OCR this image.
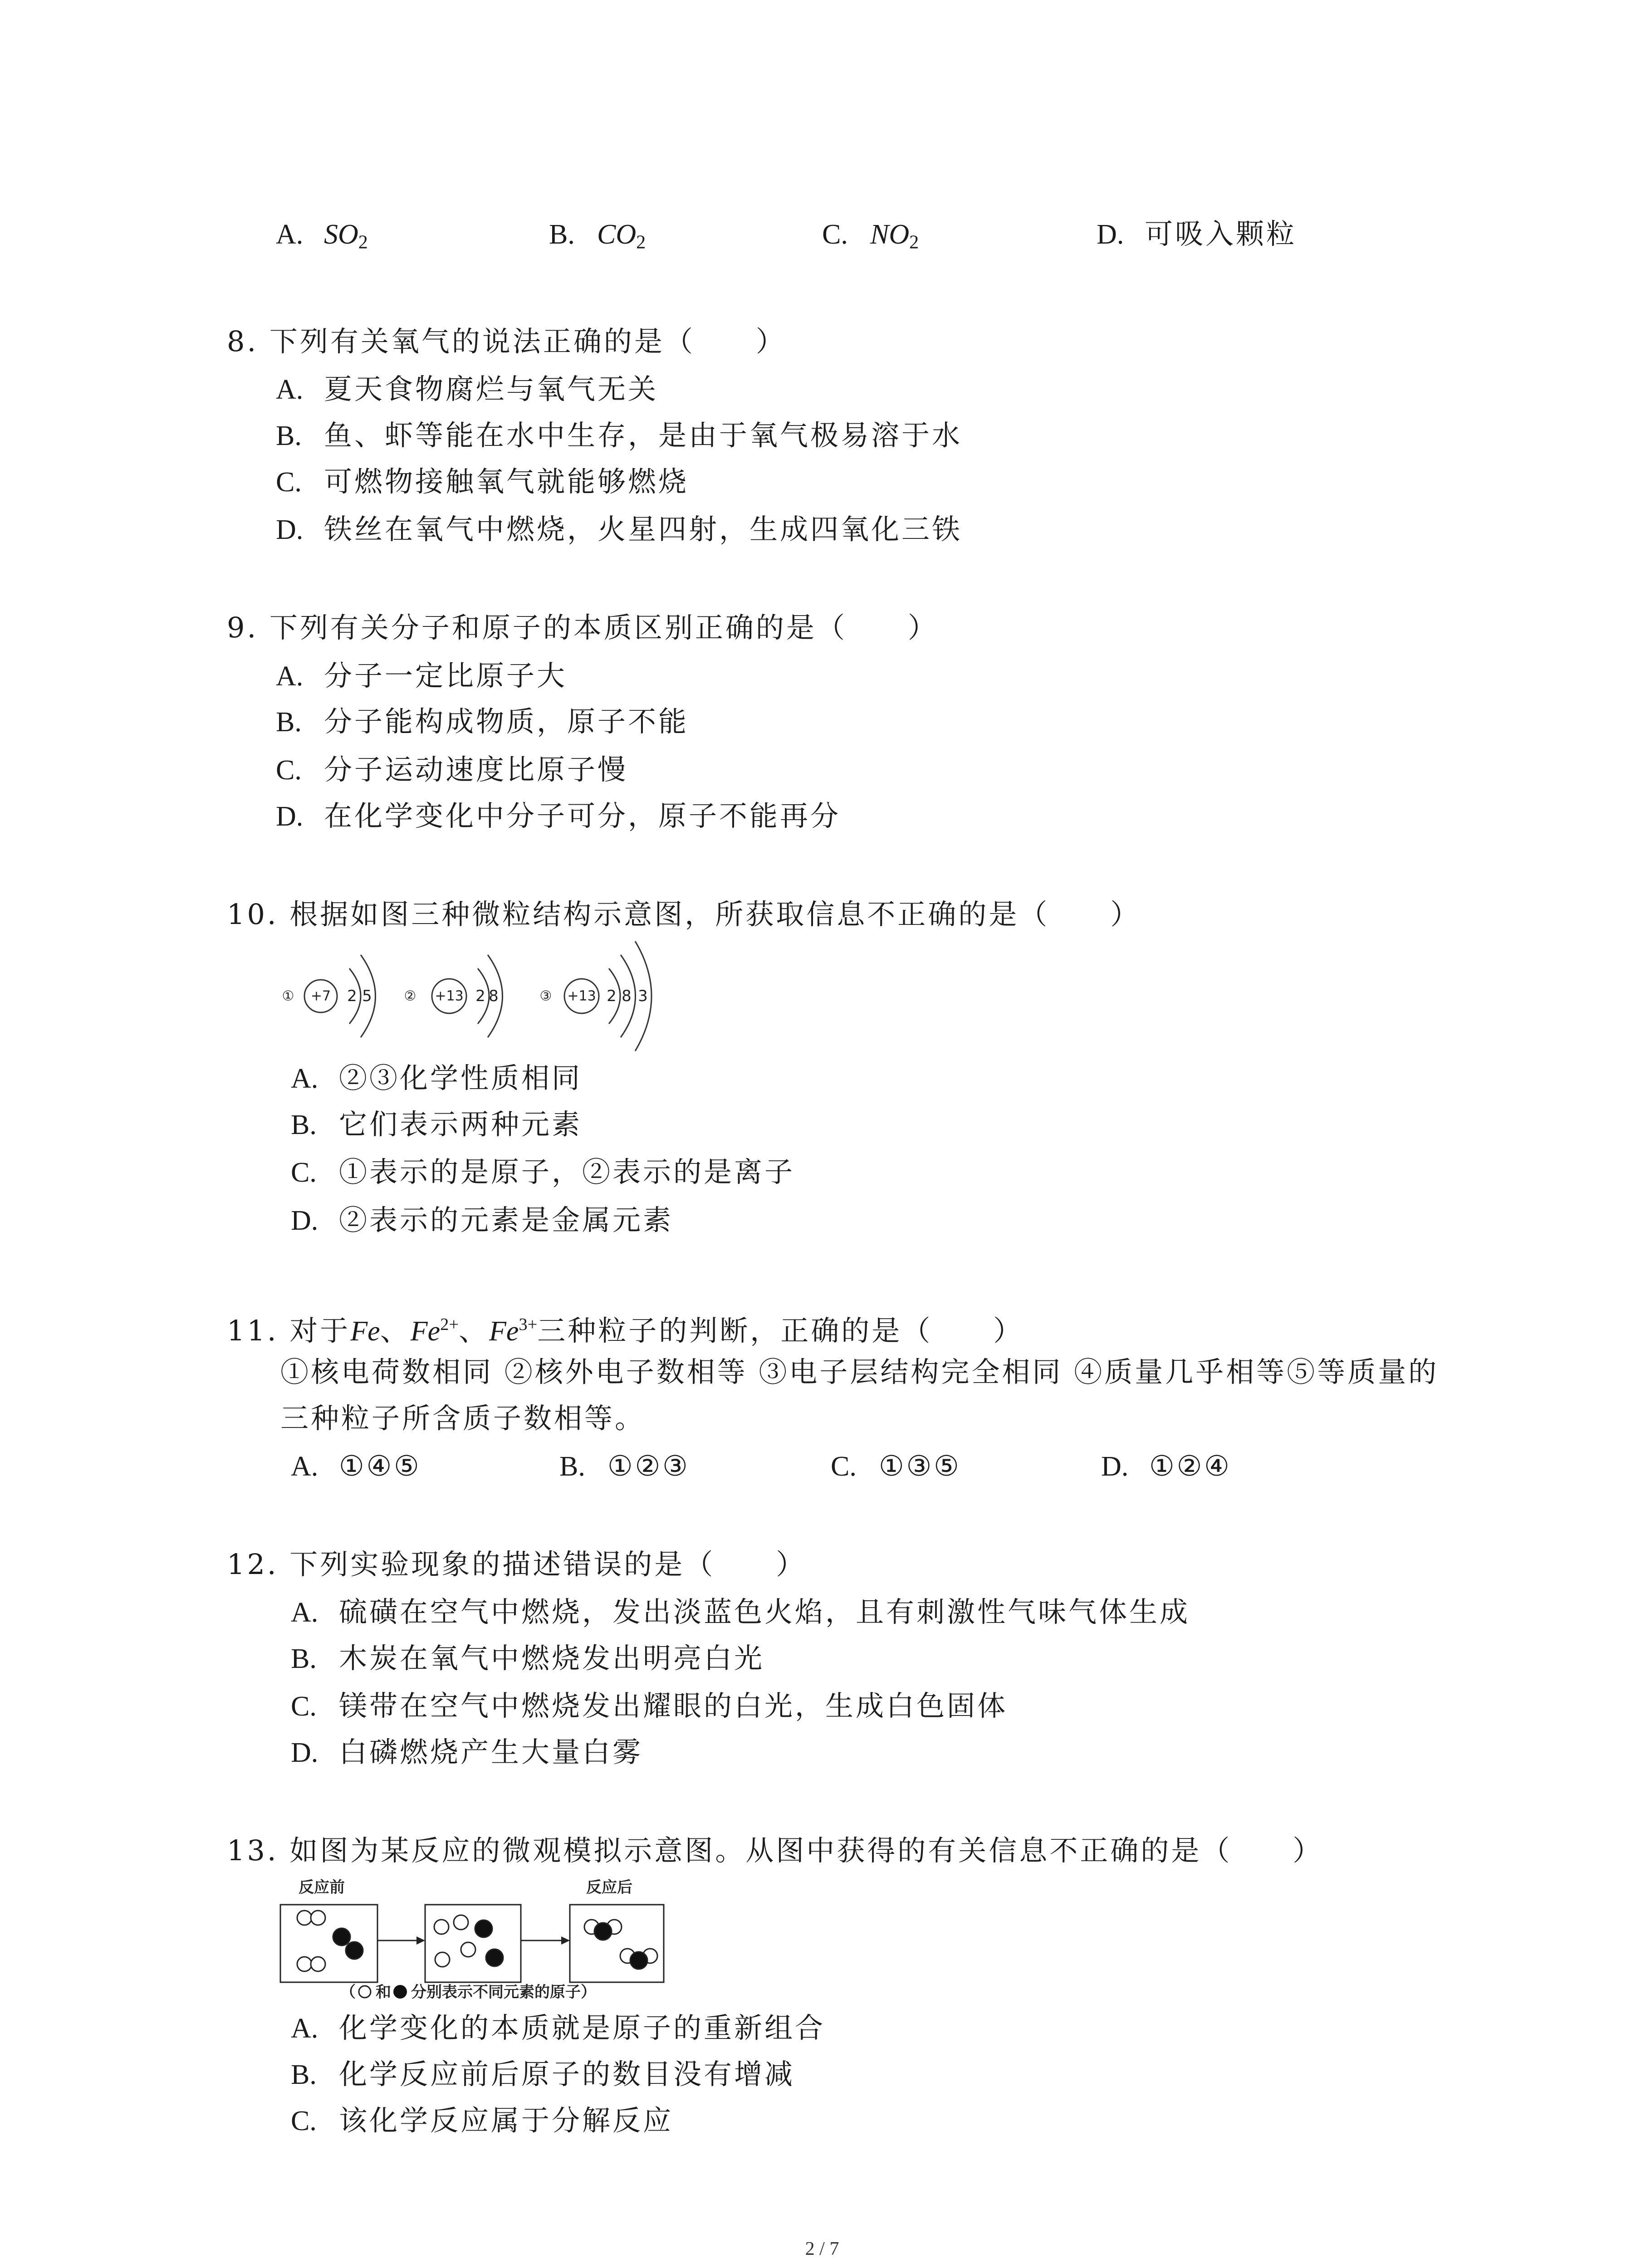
A. $SO_2$	B. $CO_2$	C. $NO_2$	D. 可吸入颗粒
8. 下列有关氧气的说法正确的是（　　）
A. 夏天食物腐烂与氧气无关
B. 鱼、虾等能在水中生存，是由于氧气极易溶于水
C. 可燃物接触氧气就能够燃烧
D. 铁丝在氧气中燃烧，火星四射，生成四氧化三铁
9. 下列有关分子和原子的本质区别正确的是（　　）
A. 分子一定比原子大
B. 分子能构成物质，原子不能
C. 分子运动速度比原子慢
D. 在化学变化中分子可分，原子不能再分
10. 根据如图三种微粒结构示意图，所获取信息不正确的是（　　）
① +7 2 5 ② +13 2 8	③ +13 2 8 3
A. ②③化学性质相同
B. 它们表示两种元素
C. ①表示的是原子，②表示的是离子
D. ②表示的元素是金属元素
11. 对于Fe、$Fe^{2+}$、$Fe^{3+}$三种粒子的判断，正确的是（　　）
①核电荷数相同 ②核外电子数相等 ③电子层结构完全相同 ④质量几乎相等⑤等质量的
三种粒子所含质子数相等。
A. ①④⑤	B. ①②③	C. ①③⑤	D. ①②④
12. 下列实验现象的描述错误的是（　　）
A. 硫磺在空气中燃烧，发出淡蓝色火焰，且有刺激性气味气体生成
B. 木炭在氧气中燃烧发出明亮白光
C. 镁带在空气中燃烧发出耀眼的白光，生成白色固体
D. 白磷燃烧产生大量白雾
13. 如图为某反应的微观模拟示意图。从图中获得的有关信息不正确的是（　　）
反应前	反应后
（ 和 分别表示不同元素的原子）
A. 化学变化的本质就是原子的重新组合
B. 化学反应前后原子的数目没有增减
C. 该化学反应属于分解反应
2 / 7
